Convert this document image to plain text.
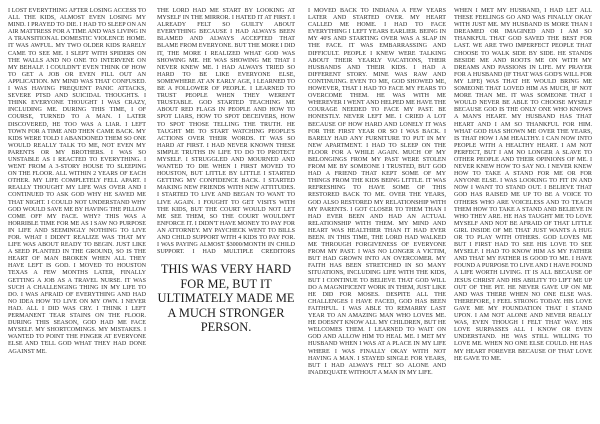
I LOST EVERYTHING AFTER LOSING ACCESS TO ALL THE KIDS, ALMOST EVEN LOSING MY MIND. I PRAYED TO DIE. I HAD TO SLEEP ON AN AIR MATTRESS FOR A TIME AND WAS LIVING IN A TRANSITIONAL DOMESTIC VIOLENCE HOME. IT WAS AWFUL. MY TWO OLDER KIDS RARELY CAME TO SEE ME. I SLEPT WITH SPIDERS ON THE WALLS AND NO ONE TO INTERVENE ON MY BEHALF. I COULDN'T EVEN THINK OF HOW TO GET A JOB OR EVEN FILL OUT AN APPLICATION. MY MIND WAS THAT CONFUSED. I WAS HAVING FREQUENT PANIC ATTACKS, SEVERE PTSD AND SUICIDAL THOUGHTS. I THINK EVERYONE THOUGHT I WAS CRAZY, INCLUDING ME. DURING THIS TIME, I OF COURSE, TURNED TO A MAN. I LATER DISCOVERED, HE TOO WAS A LIAR. I LEFT TOWN FOR A TIME AND THEN CAME BACK. MY KIDS WERE TOLD I ABANDONED THEM SO ONE WOULD REALLY TALK TO ME, NOT EVEN MY PARENTS OR MY BROTHERS. I WAS SO UNSTABLE AS I REACTED TO EVERYTHING. I WENT FROM A 3-STORY HOUSE TO SLEEPING ON THE FLOOR. ALL WITHIN 2 YEARS OF EACH OTHER. MY LIFE COMPLETELY FELL APART. I REALLY THOUGHT MY LIFE WAS OVER AND I CONTINUED TO ASK GOD WHY HE SAVED ME THAT NIGHT. I COULD NOT UNDERSTAND WHY GOD WOULD SAVE ME BY HAVING THE PILLOW COME OFF MY FACE. WHY? THIS WAS A HORRIBLE TIME FOR ME AS I SAW NO PURPOSE IN LIFE AND SEEMINGLY NOTHING TO LIVE FOR. WHAT I DIDN'T REALIZE WAS THAT MY LIFE WAS ABOUT READY TO BEGIN. JUST LIKE A SEED PLANTED IN THE GROUND, SO IS THE HEART OF MAN BROKEN WHEN ALL THEY HAVE LEFT IS GOD. I MOVED TO HOUSTON TEXAS A FEW MONTHS LATER, FINALLY GETTING A JOB AS A TRAVEL NURSE. IT WAS SUCH A CHALLENGING THING IN MY LIFE TO DO. I WAS AFRAID OF EVERYTHING AND HAD NO IDEA HOW TO LIVE ON MY OWN. I NEVER HAD. ALL I DID WAS CRY. I THINK I LEFT PERMANENT TEAR STAINS ON THE FLOOR. DURING THIS SEASON, GOD HAD ME FACE MYSELF. MY SHORTCOMINGS. MY MISTAKES. I WANTED TO POINT THE FINGER AT EVERYONE ELSE AND TELL GOD WHAT THEY HAD DONE AGAINST ME.

THE LORD HAD ME START BY LOOKING AT MYSELF IN THE MIRROR. I HATED IT AT FIRST. I ALREADY FELT SO GUILTY ABOUT EVERYTHING BECAUSE I HAD ALWAYS BEEN BLAMED AND ALWAYS ACCEPTED THAT BLAME FROM EVERYONE. BUT THE MORE I DID IT, THE MORE I REALIZED WHAT GOD WAS SHOWING ME. HE WAS SHOWING ME THAT I NEVER KNEW ME. I HAD ALWAYS TRIED SO HARD TO BE LIKE EVERYONE ELSE, SOMEWHERE AT AN EARLY AGE, I LEARNED TO BE A FOLLOWER OF PEOPLE. I LEARNED TO TRUST PEOPLE WHEN THEY WEREN'T TRUSTABLE. GOD STARTED TEACHING ME ABOUT RED FLAGS IN PEOPLE AND HOW TO SPOT LIARS, HOW TO SPOT DECEIVERS, HOW TO SPOT THOSE TELLING THE TRUTH. HE TAUGHT ME TO START WATCHING PEOPLE'S ACTIONS OVER THEIR WORDS. IT WAS SO HARD AT FIRST. I HAD NEVER KNOWN THESE SIMPLE TRUTHS IN LIFE TO DO TO PROTECT MYSELF. I STRUGGLED AND MOURNED AND WANTED TO DIE WHEN I FIRST MOVED TO HOUSTON, BUT LITTLE BY LITTLE I STARTED GETTING MY CONFIDENCE BACK. I STARTED MAKING NEW FRIENDS WITH NEW ATTITUDES. I STARTED TO LIVE AND BEGAN TO WANT TO LIVE AGAIN. I FOUGHT TO GET VISITS WITH THE KIDS, BUT THE COURT WOULD NOT LET ME SEE THEM, SO THE COURT WOULDN'T ENFORCE IT. I DIDN'T HAVE MONEY TO PAY FOR AN ATTORNEY. MY PAYCHECK WENT TO BILLS AND CHILD SUPPORT WITH 4 KIDS TO PAY FOR. I WAS PAYING ALMOST $3000/MONTH IN CHILD SUPPORT. I HAD MULTIPLE CREDITORS

THIS WAS VERY HARD FOR ME, BUT IT ULTIMATELY MADE ME A MUCH STRONGER PERSON.

I MOVED BACK TO INDIANA A FEW YEARS LATER AND STARTED OVER. MY HEART CALLED ME HOME. I HAD TO FACE EVERYTHING I LEFT YEARS EARLIER. BEING IN MY 40'S AND STARTING OVER WAS A SLAP IN THE FACE. IT WAS EMBARRASSING AND DIFFICULT. PEOPLE I KNEW WERE TALKING ABOUT THEIR YEARLY VACATIONS, THEIR HUSBANDS AND THEIR KIDS. I HAD A DIFFERENT STORY. MINE WAS RAW AND CONTINUING. EVEN TO ME, GOD SHOWED ME, HOWEVER, THAT I HAD TO FACE MY FEARS TO OVERCOME THEM. HE WAS WITH ME WHEREVER I WENT AND HELPED ME HAVE THE COURAGE NEEDED TO FACE MY PAST. BE HONESTLY. NEVER LEFT ME. I CRIED A LOT BECAUSE OF HOW HARD AND LONELY IT WAS FOR THE FIRST YEAR OR SO I WAS BACK. I BARELY HAD ANY FURNITURE TO PUT IN MY NEW APARTMENT. I HAD TO SLEEP ON THE FLOOR FOR A WHILE AGAIN. MUCH OF MY BELONGINGS FROM MY PAST WERE STOLEN FROM ME BY SOMEONE I TRUSTED, BUT GOD HAD A FRIEND THAT KEPT SOME OF MY THINGS FROM THE KIDS BEING LITTLE. IT WAS REFRESHING TO HAVE SOME OF THIS RESTORED BACK TO ME. OVER THE YEARS, GOD ALSO RESTORED MY RELATIONSHIP WITH MY PARENTS. I GOT CLOSER TO THEM THAN I HAD EVER BEEN AND HAD AN ACTUAL RELATIONSHIP WITH THEM. MY MIND AND HEART WAS HEALTHIER THAN IT HAD EVER BEEN. IN THIS TIME, THE LORD HAD WALKED ME THROUGH FORGIVENESS OF EVERYONE FROM MY PAST. I WAS NO LONGER A VICTIM, BUT HAD GROWN INTO AN OVERCOMER. MY FAITH HAS BEEN STRETCHED IN SO MANY SITUATIONS, INCLUDING LIFE WITH THE KIDS, BUT I CONTINUE TO BELIEVE THAT GOD WILL DO A MAGNIFICENT WORK IN THEM, JUST LIKE HE DID FOR MOSES. DESPITE ALL THE CHALLENGES I HAVE FACED, GOD HAS BEEN FAITHFUL. I WAS ABLE TO REMARRY LAST YEAR TO AN AMAZING MAN WHO LOVES ME. HE DOESN'T KNOW ALL MY CHILDREN, BUT HE WELCOMES THEM. I LEARNED TO WAIT ON GOD AND ALLOW HIM TO HEAL ME. I MET MY HUSBAND WHEN I WAS AT A PLACE IN MY LIFE WHERE I WAS FINALLY OKAY WITH NOT HAVING A MAN. I STAYED SINGLE FOR YEARS, BUT I HAD ALWAYS FELT SO ALONE AND INADEQUATE WITHOUT A MAN IN MY LIFE.

WHEN I MET MY HUSBAND, I HAD LET ALL THESE FEELINGS GO AND WAS FINALLY OKAY WITH JUST ME. MY HUSBAND IS MORE THAN I DREAMED OR IMAGINED AND I AM SO THANKFUL THAT GOD SAVED THE BEST FOR LAST. WE ARE TWO IMPERFECT PEOPLE THAT CHOOSE TO WALK SIDE BY SIDE. HE STANDS BESIDE ME AND ROOTS ME ON WITH MY DREAMS AND PASSIONS IN LIFE. MY PRAYER FOR A HUSBAND (IF THAT WAS GOD'S WILL FOR MY LIFE) WAS THAT HE WOULD BRING ME SOMEONE THAT LOVED HIM AS MUCH, IF NOT MORE THAN ME. IT WAS SOMEONE THAT I WOULD NEVER BE ABLE TO CHOOSE MYSELF BECAUSE GOD IS THE ONLY ONE WHO KNOWS A MAN'S HEART. MY HUSBAND HAS THAT HEART AND I AM SO THANKFUL FOR HIM. WHAT GOD HAS SHOWN ME OVER THE YEARS, IS THAT HOW I AM HEALTHY. I CAN NOW INTO PEOPLE WITH A HEALTHY HEART. I AM NOT PERFECT, BUT I AM NO LONGER A SLAVE TO OTHER PEOPLE AND THEIR OPINIONS OF ME. I NEVER KNEW HOW TO SAY NO. I NEVER KNEW HOW TO TAKE A STAND FOR ME OR FOR ANYONE ELSE. I WAS LOOKING TO FIT IN AND NOW I WANT TO STAND OUT. I BELIEVE THAT GOD HAS RAISED ME UP TO BE A VOICE TO OTHERS WHO ARE VOICELESS AND TO TEACH THEM HOW TO TAKE A STAND AND BELIEVE IN WHO THEY ARE. HE HAS TAUGHT ME TO LOVE MYSELF AND NOT BE AFRAID OF THAT LITTLE GIRL INSIDE OF ME THAT JUST WANTS A HUG OR TO PLAY WITH OTHERS. GOD LOVES ME BUT I FIRST HAD TO SEE HIS LOVE TO SEE MYSELF. I HAD TO KNOW HIM AS MY FATHER AND THAT MY FATHER IS GOOD TO ME. I HAVE FOUND A PURPOSE TO LIVE AND I HAVE FOUND A LIFE WORTH LIVING. IT IS ALL BECAUSE OF JESUS CHRIST AND HIS ABILITY TO LIFT ME UP OUT OF THE PIT. HE NEVER GAVE UP ON ME AND WAS THERE WHEN NO ONE ELSE WAS. THEREFORE, I FEEL STRONG TODAY. HIS LOVE GAVE ME MY FOUNDATION THAT I STAND UPON. I AM NOT ALONE AND NEVER REALLY WAS, EVEN THOUGH I FELT THAT WAY. HIS LOVE SURPASSES ALL I KNOW OR EVEN UNDERSTAND. HE WAS STILL WILLING TO LOVE ME. WHEN NO ONE ELSE COULD. HE HAS MY HEART FOREVER BECAUSE OF THAT LOVE HE GAVE TO ME.
